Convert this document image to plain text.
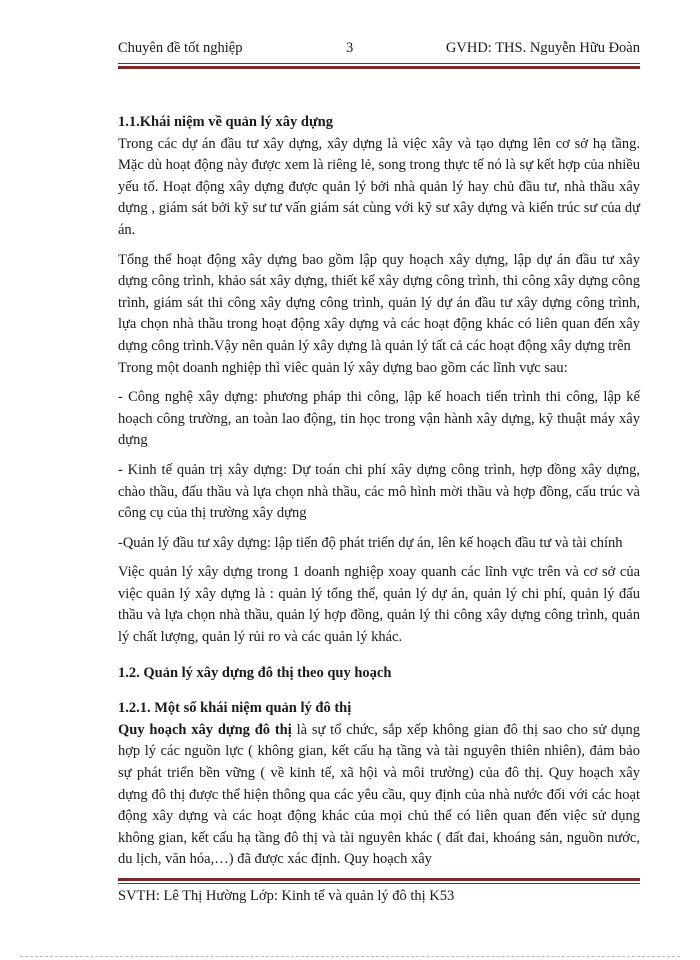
Chuyên đề tốt nghiệp	3	GVHD: THS. Nguyễn Hữu Đoàn

1.1.Khái niệm về quản lý xây dựng

Trong các dự án đầu tư xây dựng, xây dựng là việc xây và tạo dựng lên cơ sở hạ tầng. Mặc dù hoạt động này được xem là riêng lẻ, song trong thực tế nó là sự kết hợp của nhiều yếu tố. Hoạt động xây dựng được quản lý bởi nhà quản lý hay chủ đầu tư, nhà thầu xây dựng , giám sát bởi kỹ sư tư vấn giám sát cùng với kỹ sư xây dựng và kiến trúc sư của dự án.

Tổng thể hoạt động xây dựng bao gồm lập quy hoạch xây dựng, lập dự án đầu tư xây dựng công trình, khảo sát xây dựng, thiết kế xây dựng công trình, thi công xây dựng công trình, giám sát thi công xây dựng công trình, quản lý dự án đầu tư xây dựng công trình, lựa chọn nhà thầu trong hoạt động xây dựng và các hoạt động khác có liên quan đến xây dựng công trình.Vậy nên quản lý xây dựng là quản lý tất cả các hoạt động xây dựng trên

Trong một doanh nghiệp thì viêc quản lý xây dựng bao gồm các lĩnh vực sau:

- Công nghệ xây dựng: phương pháp thi công, lập kế hoach tiến trình thi công, lập kế hoạch công trường, an toàn lao động, tin học trong vận hành xây dựng, kỹ thuật máy xây dựng

- Kinh tế quản trị xây dựng: Dự toán chi phí xây dựng công trình, hợp đồng xây dựng, chào thầu, đấu thầu và lựa chọn nhà thầu, các mô hình mời thầu và hợp đồng, cấu trúc và công cụ của thị trường xây dựng

-Quản lý đầu tư xây dựng: lập tiến độ phát triển dự án, lên kế hoạch đầu tư và tài chính

Việc quản lý xây dựng trong 1 doanh nghiệp xoay quanh các lĩnh vực trên và cơ sở của việc quản lý xây dựng là : quản lý tổng thể, quản lý dự án, quản lý chi phí, quản lý đấu thầu và lựa chọn nhà thầu, quản lý hợp đồng, quản lý thi công xây dựng công trình, quản lý chất lượng, quản lý rủi ro và các quản lý khác.

1.2. Quản lý xây dựng đô thị theo quy hoạch

1.2.1. Một số khái niệm quản lý đô thị

Quy hoạch xây dựng đô thị là sự tổ chức, sắp xếp không gian đô thị sao cho sử dụng hợp lý các nguồn lực ( không gian, kết cấu hạ tầng và tài nguyên thiên nhiên), đảm bảo sự phát triển bền vững ( về kinh tế, xã hội và môi trường) của đô thị. Quy hoạch xây dựng đô thị được thể hiện thông qua các yêu cầu, quy định của nhà nước đối với các hoạt động xây dựng và các hoạt động khác của mọi chủ thể có liên quan đến việc sử dụng không gian, kết cấu hạ tầng đô thị và tài nguyên khác ( đất đai, khoáng sản, nguồn nước, du lịch, văn hóa,…) đã được xác định. Quy hoạch xây

SVTH: Lê Thị Hường Lớp: Kinh tế và quản lý đô thị K53
